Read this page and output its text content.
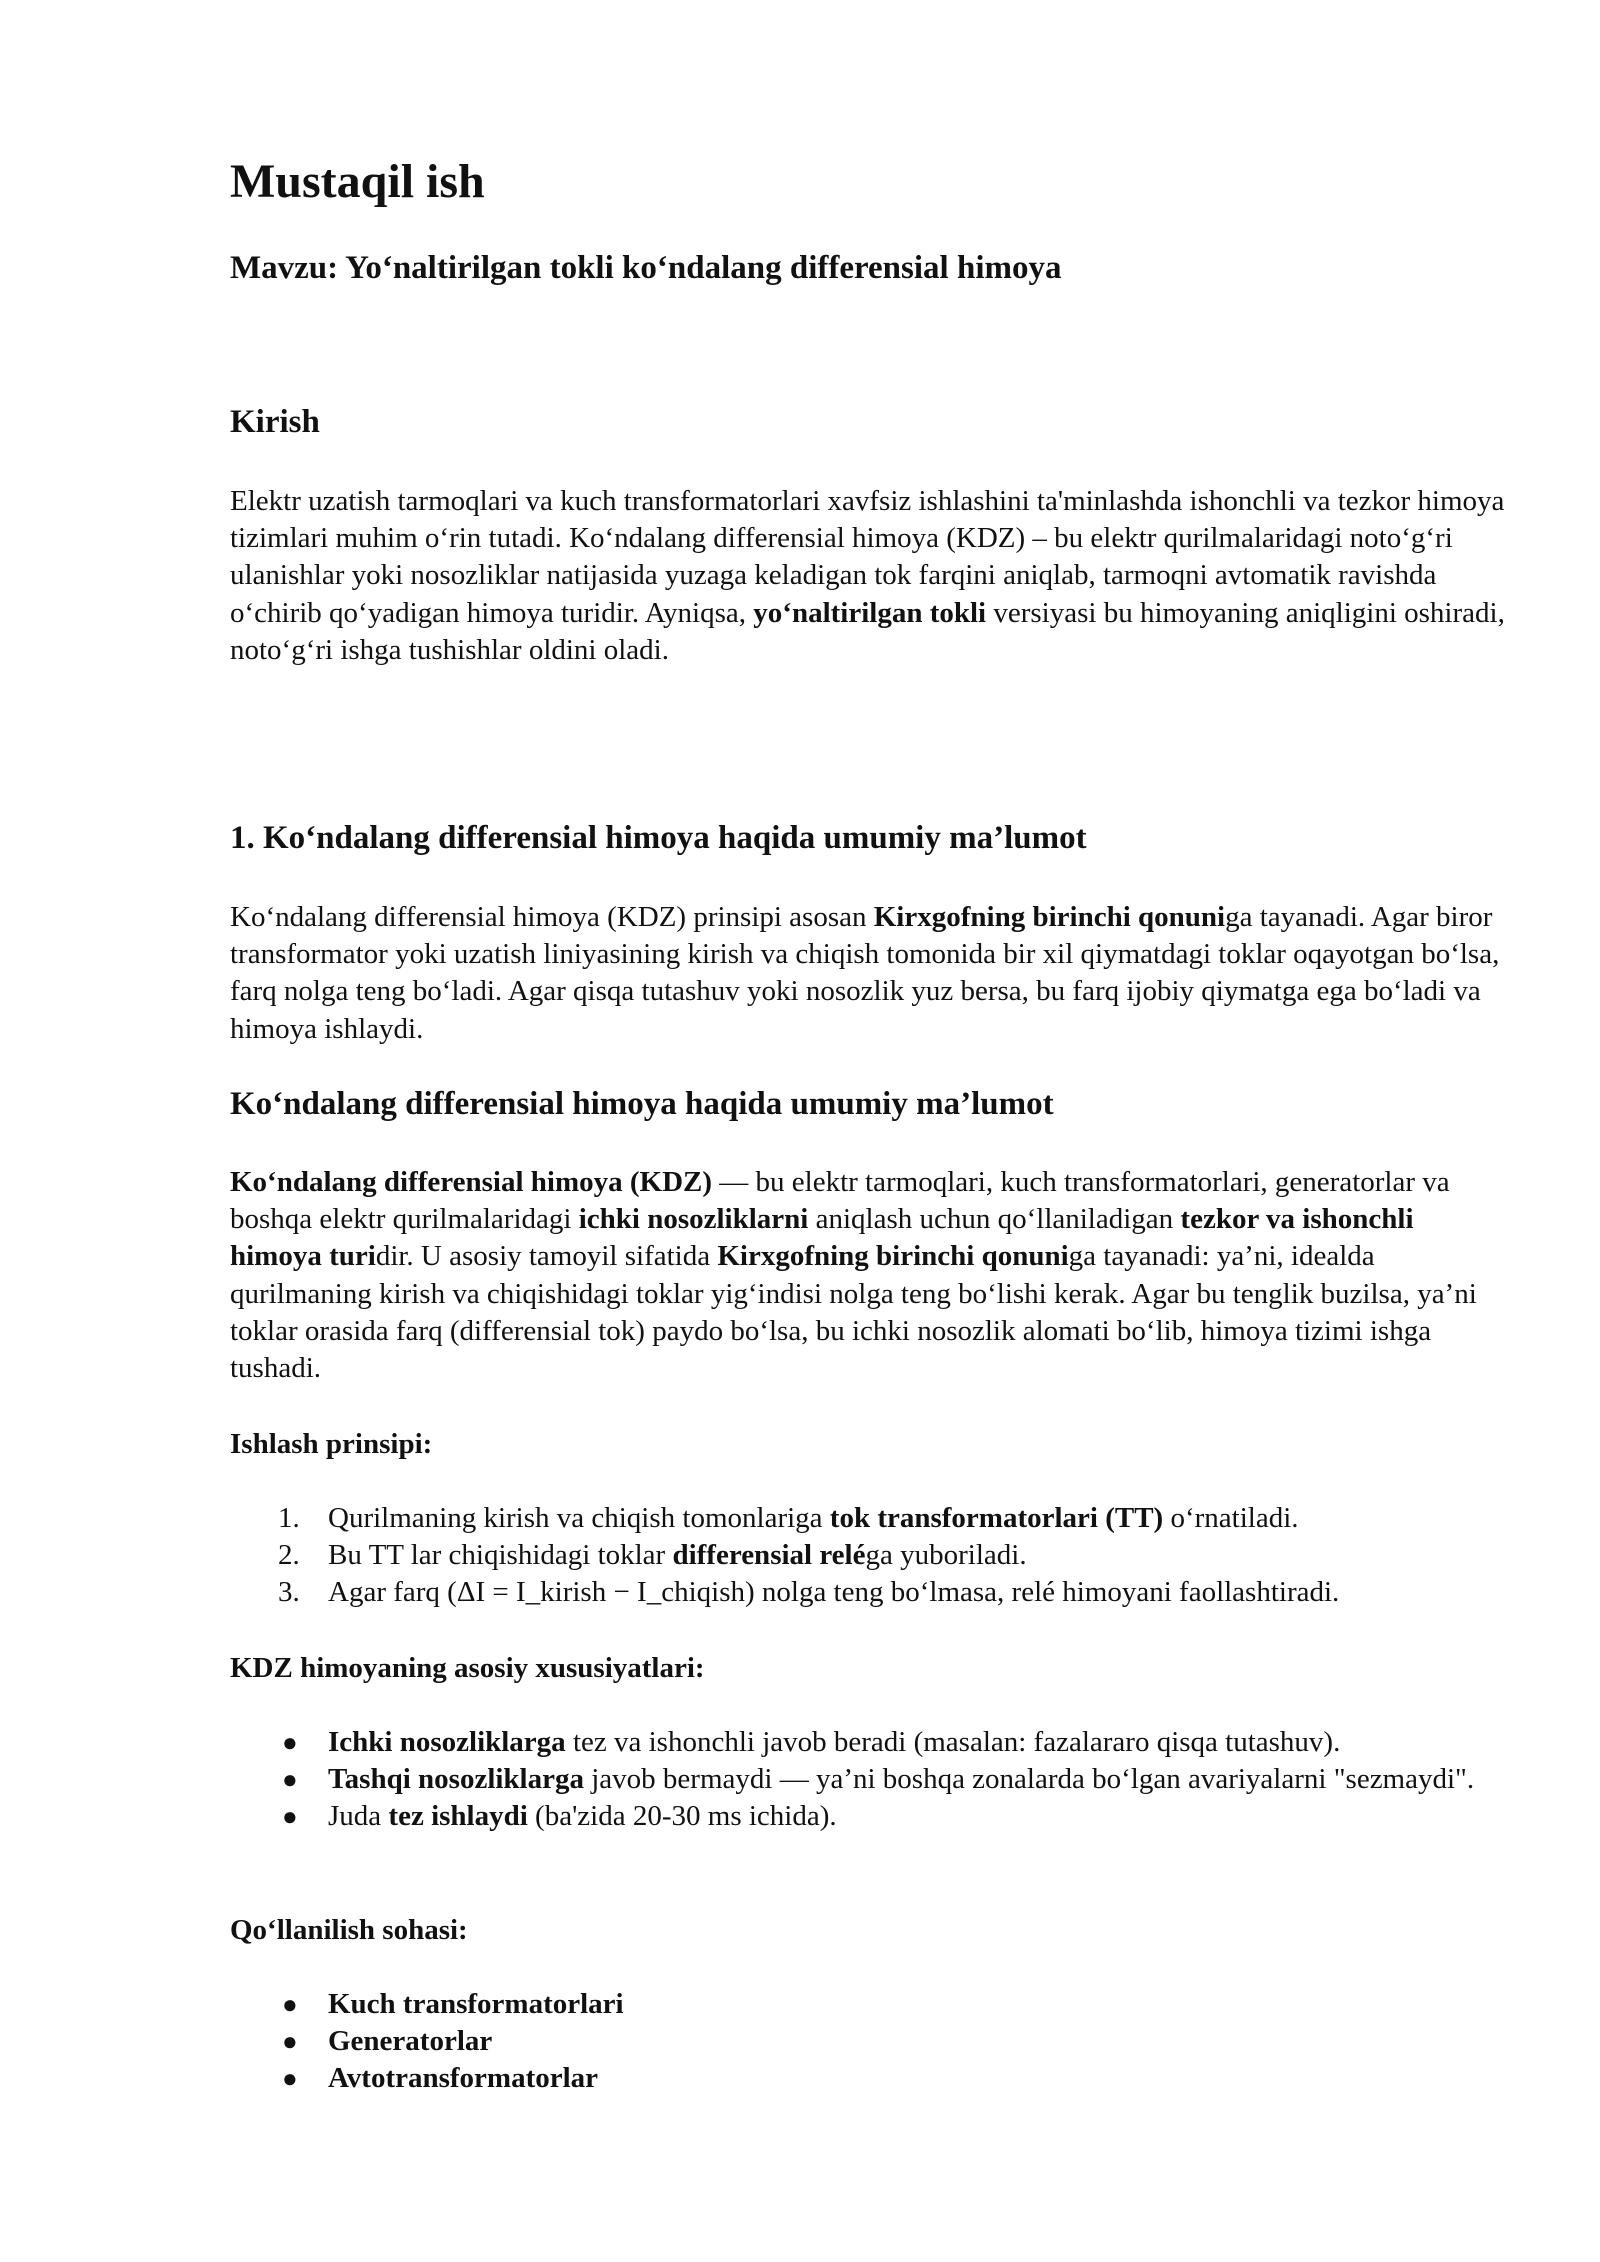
Mustaqil ish
Mavzu: Yo‘naltirilgan tokli ko‘ndalang differensial himoya
Kirish

Elektr uzatish tarmoqlari va kuch transformatorlari xavfsiz ishlashini ta'minlashda ishonchli va tezkor himoya tizimlari muhim o‘rin tutadi. Ko‘ndalang differensial himoya (KDZ) – bu elektr qurilmalaridagi noto‘g‘ri ulanishlar yoki nosozliklar natijasida yuzaga keladigan tok farqini aniqlab, tarmoqni avtomatik ravishda o‘chirib qo‘yadigan himoya turidir. Ayniqsa, yo‘naltirilgan tokli versiyasi bu himoyaning aniqligini oshiradi, noto‘g‘ri ishga tushishlar oldini oladi.

1. Ko‘ndalang differensial himoya haqida umumiy ma’lumot

Ko‘ndalang differensial himoya (KDZ) prinsipi asosan Kirxgofning birinchi qonuniga tayanadi. Agar biror transformator yoki uzatish liniyasining kirish va chiqish tomonida bir xil qiymatdagi toklar oqayotgan bo‘lsa, farq nolga teng bo‘ladi. Agar qisqa tutashuv yoki nosozlik yuz bersa, bu farq ijobiy qiymatga ega bo‘ladi va himoya ishlaydi.

Ko‘ndalang differensial himoya haqida umumiy ma’lumot

Ko‘ndalang differensial himoya (KDZ) — bu elektr tarmoqlari, kuch transformatorlari, generatorlar va boshqa elektr qurilmalaridagi ichki nosozliklarni aniqlash uchun qo‘llaniladigan tezkor va ishonchli himoya turidir. U asosiy tamoyil sifatida Kirxgofning birinchi qonuniga tayanadi: ya’ni, idealda qurilmaning kirish va chiqishidagi toklar yig‘indisi nolga teng bo‘lishi kerak. Agar bu tenglik buzilsa, ya’ni toklar orasida farq (differensial tok) paydo bo‘lsa, bu ichki nosozlik alomati bo‘lib, himoya tizimi ishga tushadi.

Ishlash prinsipi:
1. Qurilmaning kirish va chiqish tomonlariga tok transformatorlari (TT) o‘rnatiladi.
2. Bu TT lar chiqishidagi toklar differensial reléga yuboriladi.
3. Agar farq (ΔI = I_kirish − I_chiqish) nolga teng bo‘lmasa, relé himoyani faollashtiradi.
KDZ himoyaning asosiy xususiyatlari:
● Ichki nosozliklarga tez va ishonchli javob beradi (masalan: fazalararo qisqa tutashuv).
● Tashqi nosozliklarga javob bermaydi — ya’ni boshqa zonalarda bo‘lgan avariyalarni "sezmaydi".
● Juda tez ishlaydi (ba'zida 20-30 ms ichida).
Qo‘llanilish sohasi:
● Kuch transformatorlari
● Generatorlar
● Avtotransformatorlar
